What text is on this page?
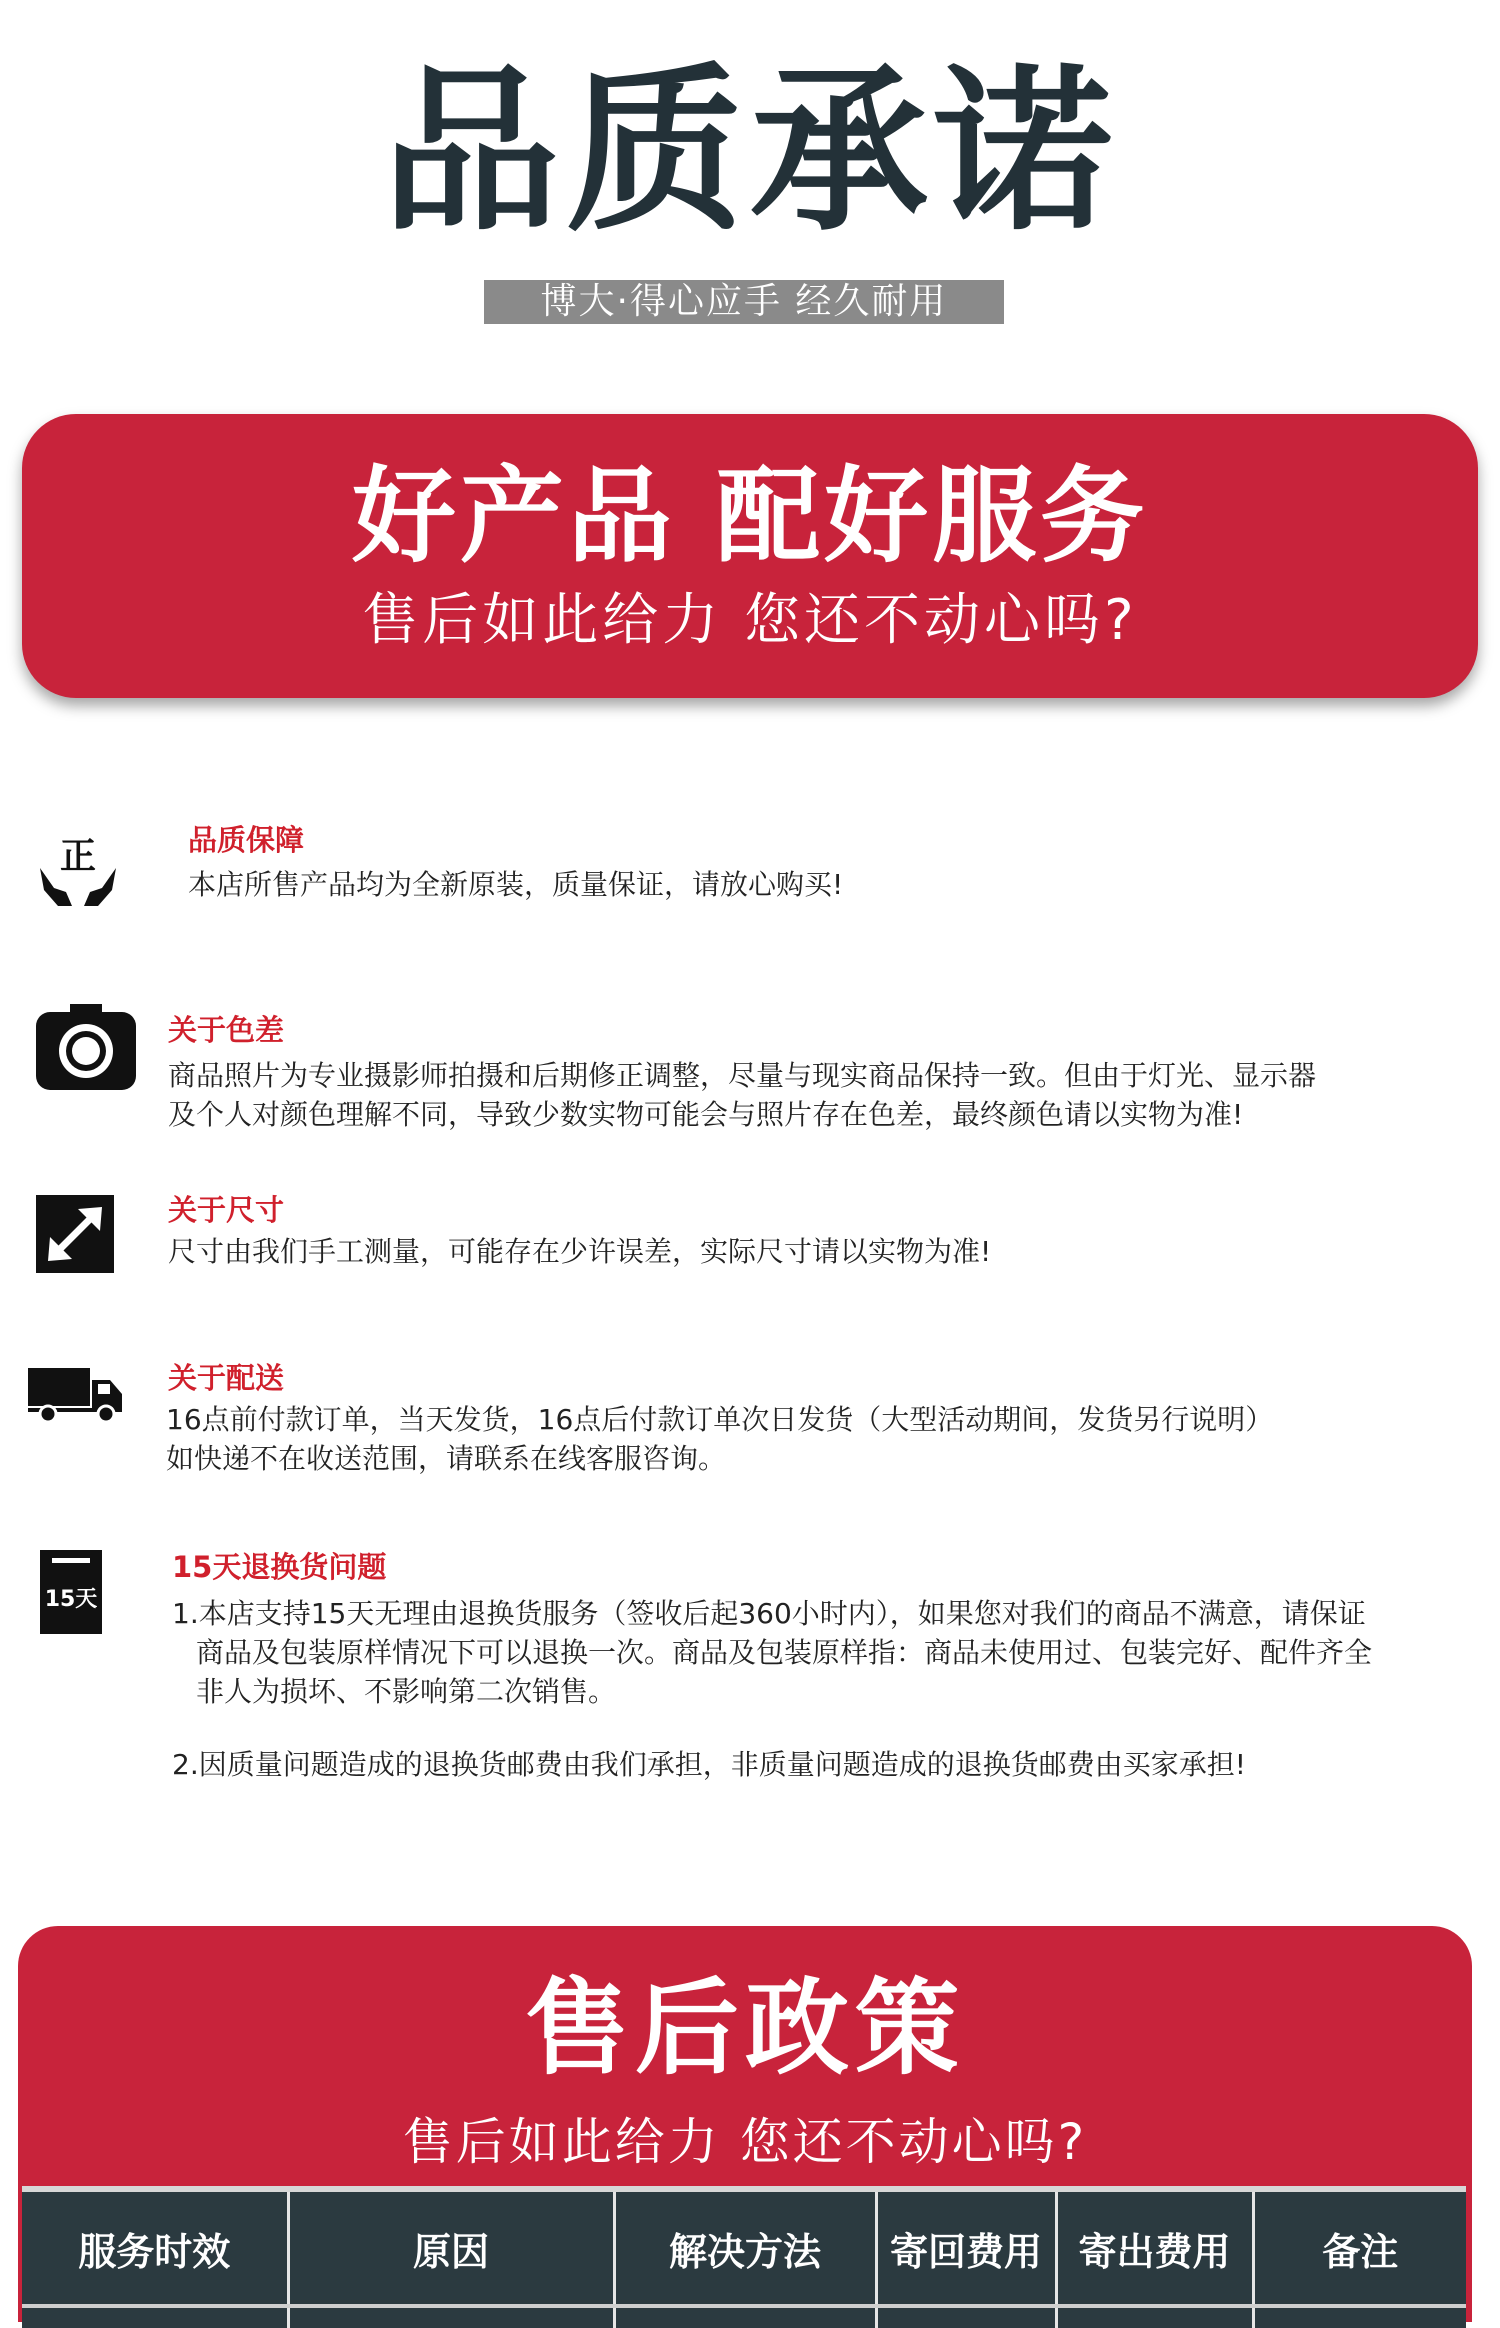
品质承诺
博大·得心应手 经久耐用
好产品 配好服务
售后如此给力 您还不动心吗?
正	品质保障
本店所售产品均为全新原装，质量保证，请放心购买!
关于色差
商品照片为专业摄影师拍摄和后期修正调整，尽量与现实商品保持一致。但由于灯光、显示器
及个人对颜色理解不同，导致少数实物可能会与照片存在色差，最终颜色请以实物为准!
关于尺寸
尺寸由我们手工测量，可能存在少许误差，实际尺寸请以实物为准!
关于配送
16点前付款订单，当天发货，16点后付款订单次日发货（大型活动期间，发货另行说明）
如快递不在收送范围，请联系在线客服咨询。
15天
15天退换货问题
1.本店支持15天无理由退换货服务（签收后起360小时内），如果您对我们的商品不满意，请保证
商品及包装原样情况下可以退换一次。商品及包装原样指：商品未使用过、包装完好、配件齐全
非人为损坏、不影响第二次销售。
2.因质量问题造成的退换货邮费由我们承担，非质量问题造成的退换货邮费由买家承担!
售后政策
售后如此给力 您还不动心吗?
服务时效	原因	解决方法	寄回费用	寄出费用	备注
